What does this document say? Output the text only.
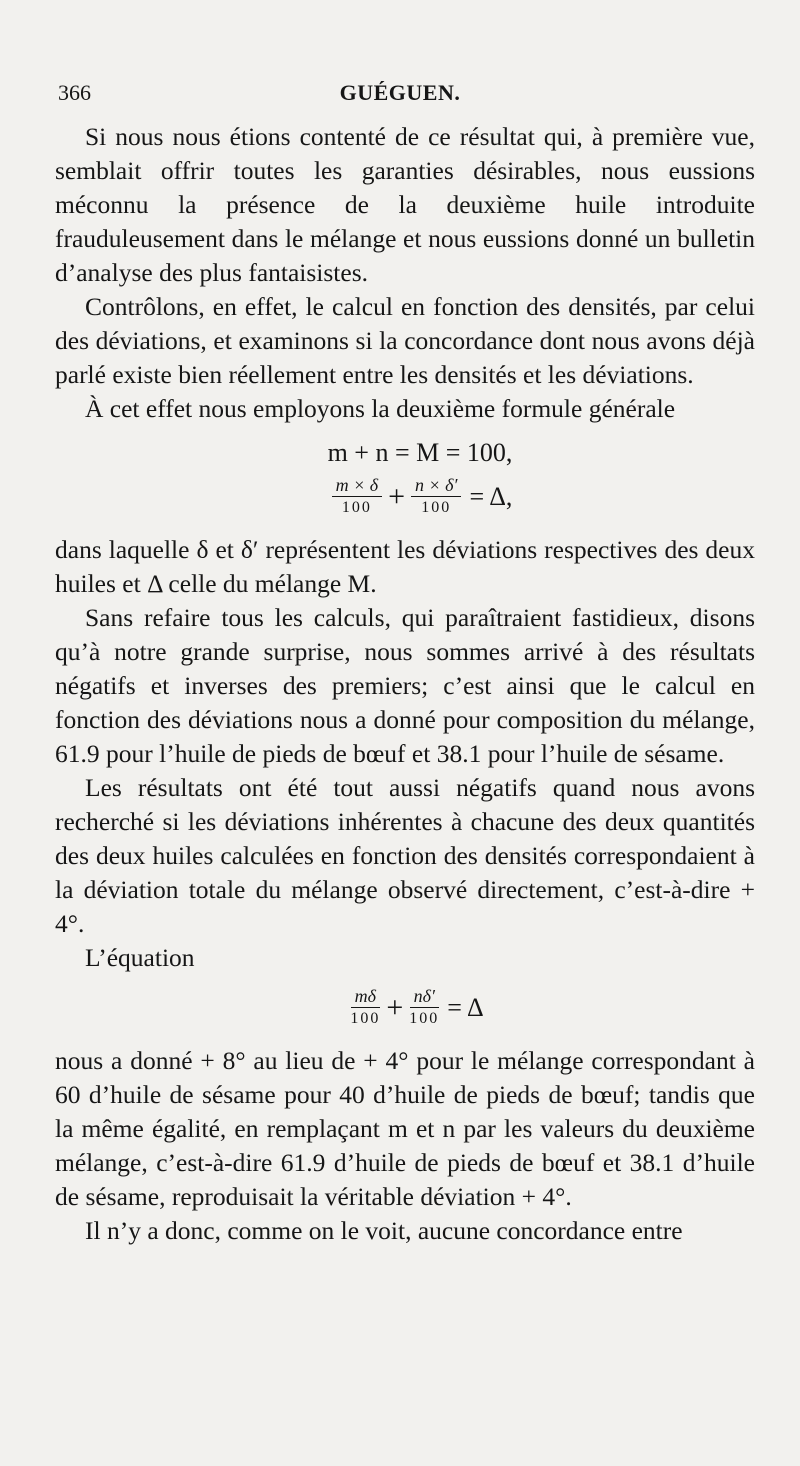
366	GUÉGUEN.

Si nous nous étions contenté de ce résultat qui, à première vue, semblait offrir toutes les garanties désirables, nous eussions méconnu la présence de la deuxième huile introduite frauduleusement dans le mélange et nous eussions donné un bulletin d’analyse des plus fantaisistes.

Contrôlons, en effet, le calcul en fonction des densités, par celui des déviations, et examinons si la concordance dont nous avons déjà parlé existe bien réellement entre les densités et les déviations.

À cet effet nous employons la deuxième formule générale

m + n = M = 100,

$\frac{m \times \delta}{100} + \frac{n \times \delta'}{100} = \Delta$,

dans laquelle δ et δ′ représentent les déviations respectives des deux huiles et Δ celle du mélange M.

Sans refaire tous les calculs, qui paraîtraient fastidieux, disons qu’à notre grande surprise, nous sommes arrivé à des résultats négatifs et inverses des premiers; c’est ainsi que le calcul en fonction des déviations nous a donné pour composition du mélange, 61.9 pour l’huile de pieds de bœuf et 38.1 pour l’huile de sésame.

Les résultats ont été tout aussi négatifs quand nous avons recherché si les déviations inhérentes à chacune des deux quantités des deux huiles calculées en fonction des densités correspondaient à la déviation totale du mélange observé directement, c’est-à-dire + 4°.

L’équation

$\frac{m\delta}{100} + \frac{n\delta'}{100} = \Delta$

nous a donné + 8° au lieu de + 4° pour le mélange correspondant à 60 d’huile de sésame pour 40 d’huile de pieds de bœuf; tandis que la même égalité, en remplaçant m et n par les valeurs du deuxième mélange, c’est-à-dire 61.9 d’huile de pieds de bœuf et 38.1 d’huile de sésame, reproduisait la véritable déviation + 4°.

Il n’y a donc, comme on le voit, aucune concordance entre
